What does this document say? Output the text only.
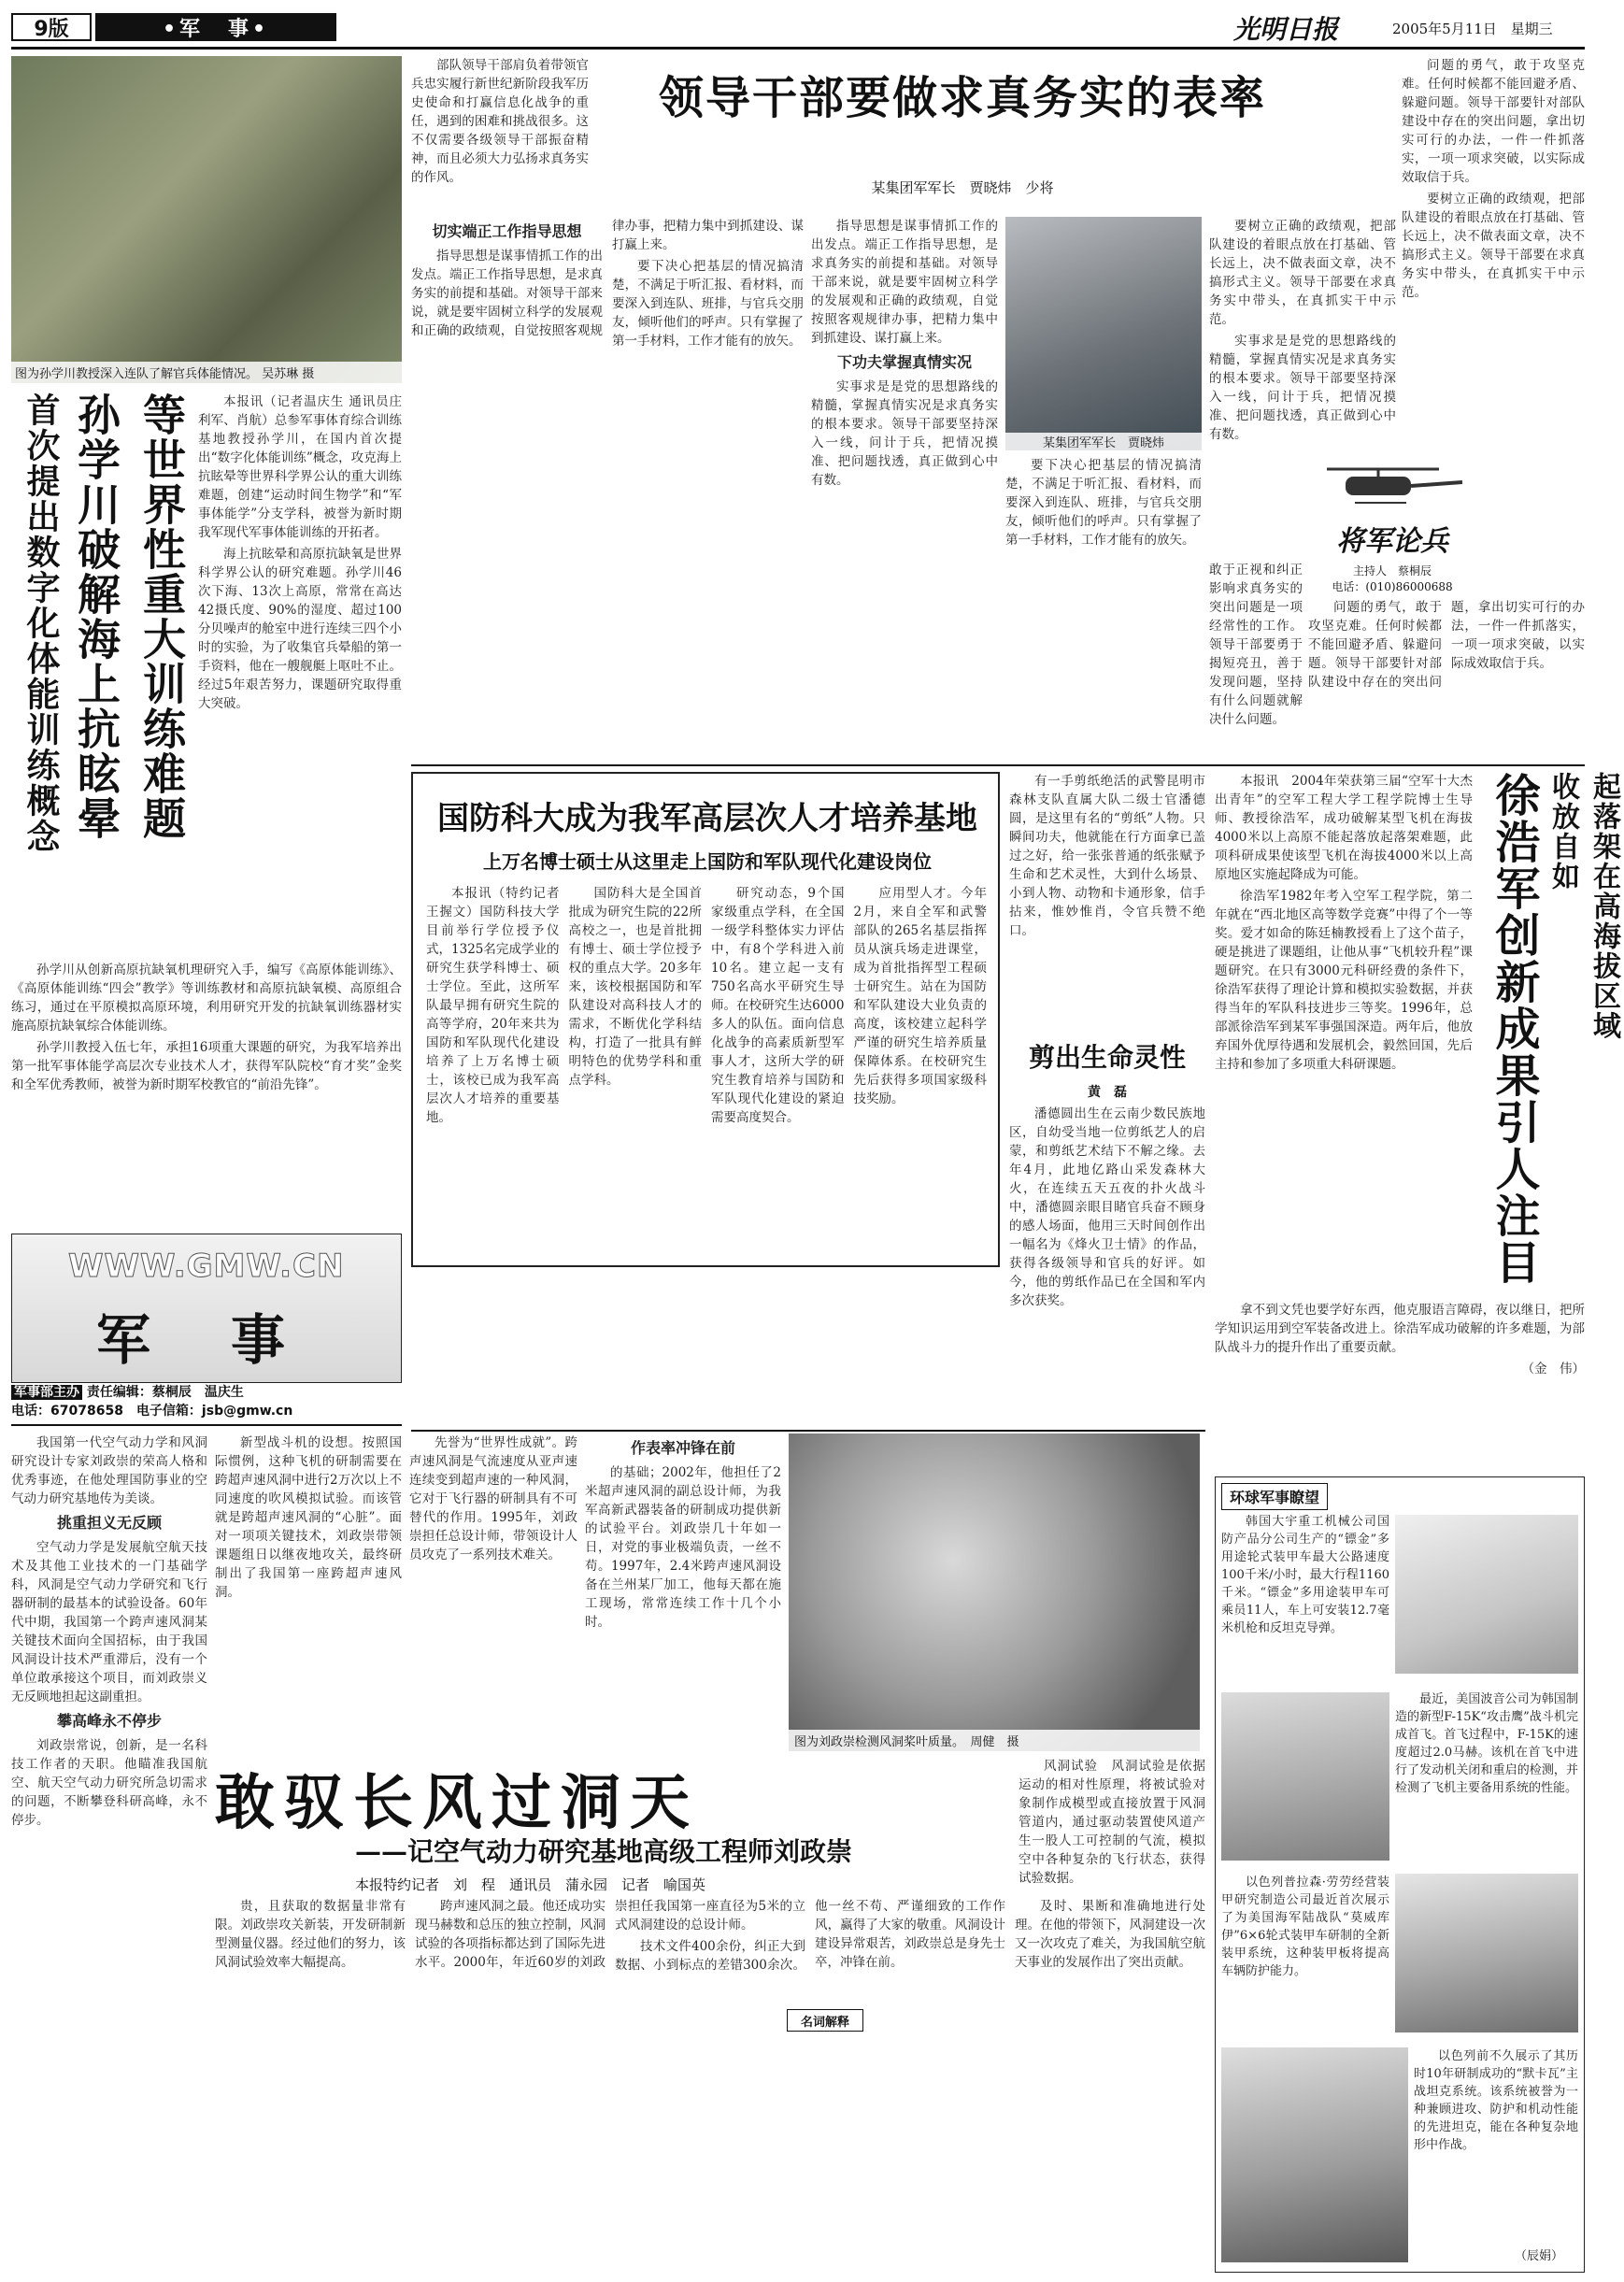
9版	•军　事•	光明日报	2005年5月11日 星期三
图为孙学川教授深入连队了解官兵体能情况。 吴苏琳 摄
等世界性重大训练难题
孙学川破解海上抗眩晕
首次提出数字化体能训练概念	本报讯（记者温庆生 通讯员庄利军、肖航）总参军事体育综合训练基地教授孙学川，在国内首次提出“数字化体能训练”概念，攻克海上抗眩晕等世界科学界公认的重大训练难题，创建“运动时间生物学”和“军事体能学”分支学科，被誉为新时期我军现代军事体能训练的开拓者。

海上抗眩晕和高原抗缺氧是世界科学界公认的研究难题。孙学川46次下海、13次上高原，常常在高达42摄氏度、90%的湿度、超过100分贝噪声的舱室中进行连续三四个小时的实验，为了收集官兵晕船的第一手资料，他在一艘舰艇上呕吐不止。经过5年艰苦努力，课题研究取得重大突破。

孙学川从创新高原抗缺氧机理研究入手，编写《高原体能训练》、《高原体能训练“四会”教学》等训练教材和高原抗缺氧模、高原组合练习，通过在平原模拟高原环境，利用研究开发的抗缺氧训练器材实施高原抗缺氧综合体能训练。

孙学川教授入伍七年，承担16项重大课题的研究，为我军培养出第一批军事体能学高层次专业技术人才，获得军队院校“育才奖”金奖和全军优秀教师，被誉为新时期军校教官的“前沿先锋”。

WWW.GMW.CN
军　事
军事部主办 责任编辑：蔡桐辰　温庆生
电话：67078658　 电子信箱：jsb@gmw.cn

部队领导干部肩负着带领官兵忠实履行新世纪新阶段我军历史使命和打赢信息化战争的重任，遇到的困难和挑战很多。这不仅需要各级领导干部振奋精神，而且必须大力弘扬求真务实的作风。

领导干部要做求真务实的表率
某集团军军长　贾晓炜　少将
切实端正工作指导思想

指导思想是谋事情抓工作的出发点。端正工作指导思想，是求真务实的前提和基础。对领导干部来说，就是要牢固树立科学的发展观和正确的政绩观，自觉按照客观规律办事，把精力集中到抓建设、谋打赢上来。

要下决心把基层的情况搞清楚，不满足于听汇报、看材料，而要深入到连队、班排，与官兵交朋友，倾听他们的呼声。只有掌握了第一手材料，工作才能有的放矢。

指导思想是谋事情抓工作的出发点。端正工作指导思想，是求真务实的前提和基础。对领导干部来说，就是要牢固树立科学的发展观和正确的政绩观，自觉按照客观规律办事，把精力集中到抓建设、谋打赢上来。

下功夫掌握真情实况

实事求是是党的思想路线的精髓，掌握真情实况是求真务实的根本要求。领导干部要坚持深入一线，问计于兵，把情况摸准、把问题找透，真正做到心中有数。

某集团军军长　贾晓炜

要下决心把基层的情况搞清楚，不满足于听汇报、看材料，而要深入到连队、班排，与官兵交朋友，倾听他们的呼声。只有掌握了第一手材料，工作才能有的放矢。

要树立正确的政绩观，把部队建设的着眼点放在打基础、管长远上，决不做表面文章，决不搞形式主义。领导干部要在求真务实中带头，在真抓实干中示范。

实事求是是党的思想路线的精髓，掌握真情实况是求真务实的根本要求。领导干部要坚持深入一线，问计于兵，把情况摸准、把问题找透，真正做到心中有数。

问题的勇气，敢于攻坚克难。任何时候都不能回避矛盾、躲避问题。领导干部要针对部队建设中存在的突出问题，拿出切实可行的办法，一件一件抓落实，一项一项求突破，以实际成效取信于兵。

要树立正确的政绩观，把部队建设的着眼点放在打基础、管长远上，决不做表面文章，决不搞形式主义。领导干部要在求真务实中带头，在真抓实干中示范。

将军论兵
主持人　 蔡桐辰
电话：(010)86000688

敢于正视和纠正影响求真务实的突出问题是一项经常性的工作。领导干部要勇于揭短亮丑，善于发现问题，坚持有什么问题就解决什么问题。

问题的勇气，敢于攻坚克难。任何时候都不能回避矛盾、躲避问题。领导干部要针对部队建设中存在的突出问题，拿出切实可行的办法，一件一件抓落实，一项一项求突破，以实际成效取信于兵。

国防科大成为我军高层次人才培养基地
上万名博士硕士从这里走上国防和军队现代化建设岗位

本报讯（特约记者王握文）国防科技大学目前举行学位授予仪式，1325名完成学业的研究生获学科博士、硕士学位。至此，这所军队最早拥有研究生院的高等学府，20年来共为国防和军队现代化建设培养了上万名博士硕士，该校已成为我军高层次人才培养的重要基地。

国防科大是全国首批成为研究生院的22所高校之一，也是首批拥有博士、硕士学位授予权的重点大学。20多年来，该校根据国防和军队建设对高科技人才的需求，不断优化学科结构，打造了一批具有鲜明特色的优势学科和重点学科。

研究动态，9个国家级重点学科，在全国一级学科整体实力评估中，有8个学科进入前10名。建立起一支有750名高水平研究生导师。在校研究生达6000多人的队伍。面向信息化战争的高素质新型军事人才，这所大学的研究生教育培养与国防和军队现代化建设的紧迫需要高度契合。

应用型人才。今年2月，来自全军和武警部队的265名基层指挥员从演兵场走进课堂，成为首批指挥型工程硕士研究生。站在为国防和军队建设大业负责的高度，该校建立起科学严谨的研究生培养质量保障体系。在校研究生先后获得多项国家级科技奖励。

有一手剪纸绝活的武警昆明市森林支队直属大队二级士官潘德圆，是这里有名的“剪纸”人物。只瞬间功夫，他就能在行方面拿已盖过之好，给一张张普通的纸张赋予生命和艺术灵性，大到什么场景、小到人物、动物和卡通形象，信手拈来，惟妙惟肖，令官兵赞不绝口。

剪出生命灵性
黄　磊

潘德圆出生在云南少数民族地区，自幼受当地一位剪纸艺人的启蒙，和剪纸艺术结下不解之缘。去年4月，此地亿路山采发森林大火，在连续五天五夜的扑火战斗中，潘德圆亲眼目睹官兵奋不顾身的感人场面，他用三天时间创作出一幅名为《烽火卫士情》的作品，获得各级领导和官兵的好评。如今，他的剪纸作品已在全国和军内多次获奖。

起落架在高海拔区域收放自如
徐浩军创新成果引人注目

本报讯　2004年荣获第三届“空军十大杰出青年”的空军工程大学工程学院博士生导师、教授徐浩军，成功破解某型飞机在海拔4000米以上高原不能起落放起落架难题，此项科研成果使该型飞机在海拔4000米以上高原地区实施起降成为可能。

徐浩军1982年考入空军工程学院，第二年就在“西北地区高等数学竞赛”中得了个一等奖。爱才如命的陈廷楠教授看上了这个苗子，硬是挑进了课题组，让他从事“飞机较升程”课题研究。在只有3000元科研经费的条件下，徐浩军获得了理论计算和模拟实验数据，并获得当年的军队科技进步三等奖。1996年，总部派徐浩军到某军事强国深造。两年后，他放弃国外优厚待遇和发展机会，毅然回国，先后主持和参加了多项重大科研课题。

拿不到文凭也要学好东西，他克服语言障碍，夜以继日，把所学知识运用到空军装备改进上。徐浩军成功破解的许多难题，为部队战斗力的提升作出了重要贡献。

（金　伟）

我国第一代空气动力学和风洞研究设计专家刘政崇的荣高人格和优秀事迹，在他处理国防事业的空气动力研究基地传为美谈。

挑重担义无反顾

空气动力学是发展航空航天技术及其他工业技术的一门基础学科，风洞是空气动力学研究和飞行器研制的最基本的试验设备。60年代中期，我国第一个跨声速风洞某关键技术面向全国招标，由于我国风洞设计技术严重滞后，没有一个单位敢承接这个项目，而刘政崇义无反顾地担起这副重担。

攀高峰永不停步

刘政崇常说，创新，是一名科技工作者的天职。他瞄准我国航空、航天空气动力研究所急切需求的问题，不断攀登科研高峰，永不停步。

新型战斗机的设想。按照国际惯例，这种飞机的研制需要在跨超声速风洞中进行2万次以上不同速度的吹风模拟试验。而该管就是跨超声速风洞的“心脏”。面对一项项关键技术，刘政崇带领课题组日以继夜地攻关，最终研制出了我国第一座跨超声速风洞。

先誉为“世界性成就”。跨声速风洞是气流速度从亚声速连续变到超声速的一种风洞，它对于飞行器的研制具有不可替代的作用。1995年，刘政崇担任总设计师，带领设计人员攻克了一系列技术难关。

作表率冲锋在前

的基础；2002年，他担任了2米超声速风洞的副总设计师，为我军高新武器装备的研制成功提供新的试验平台。刘政崇几十年如一日，对党的事业极端负责，一丝不苟。1997年，2.4米跨声速风洞设备在兰州某厂加工，他每天都在施工现场，常常连续工作十几个小时。

图为刘政崇检测风洞桨叶质量。　周健　摄
敢驭长风过洞天
——记空气动力研究基地高级工程师刘政崇
本报特约记者　刘　程　通讯员　蒲永园　记者　喻国英

贵，且获取的数据量非常有限。刘政崇攻关新装，开发研制新型测量仪器。经过他们的努力，该风洞试验效率大幅提高。

跨声速风洞之最。他还成功实现马赫数和总压的独立控制，风洞试验的各项指标都达到了国际先进水平。2000年，年近60岁的刘政崇担任我国第一座直径为5米的立式风洞建设的总设计师。

技术文件400余份，纠正大到数据、小到标点的差错300余次。他一丝不苟、严谨细致的工作作风，赢得了大家的敬重。风洞设计建设异常艰苦，刘政崇总是身先士卒，冲锋在前。

及时、果断和准确地进行处理。在他的带领下，风洞建设一次又一次攻克了难关，为我国航空航天事业的发展作出了突出贡献。

风洞试验　风洞试验是依据运动的相对性原理，将被试验对象制作成模型或直接放置于风洞管道内，通过驱动装置使风道产生一股人工可控制的气流，模拟空中各种复杂的飞行状态，获得试验数据。

名词解释
环球军事瞭望

韩国大宇重工机械公司国防产品分公司生产的“镖金”多用途轮式装甲车最大公路速度100千米/小时，最大行程1160千米。“镖金”多用途装甲车可乘员11人，车上可安装12.7毫米机枪和反坦克导弹。

最近，美国波音公司为韩国制造的新型F-15K“攻击鹰”战斗机完成首飞。首飞过程中，F-15K的速度超过2.0马赫。该机在首飞中进行了发动机关闭和重启的检测，并检测了飞机主要备用系统的性能。

以色列普拉森·劳劳经营装甲研究制造公司最近首次展示了为美国海军陆战队“莫威库伊”6×6轮式装甲车研制的全新装甲系统，这种装甲板将提高车辆防护能力。

以色列前不久展示了其历时10年研制成功的“默卡瓦”主战坦克系统。该系统被誉为一种兼顾进攻、防护和机动性能的先进坦克，能在各种复杂地形中作战。

（辰娟）
